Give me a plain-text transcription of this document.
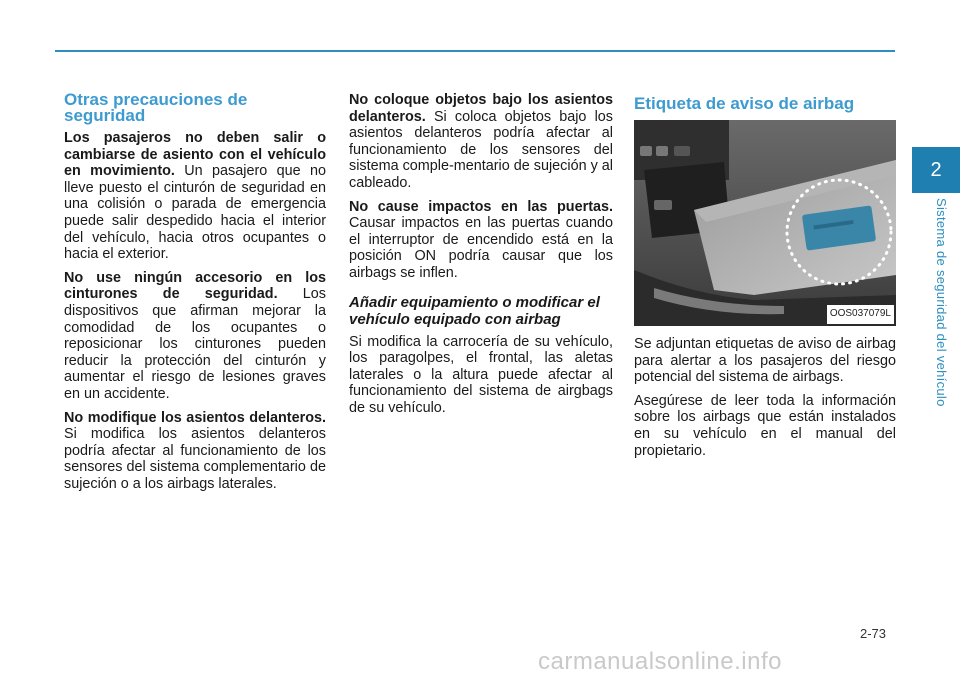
2
Sistema de seguridad del vehículo
Otras precauciones de seguridad

Los pasajeros no deben salir o cambiarse de asiento con el vehículo en movimiento. Un pasajero que no lleve puesto el cinturón de seguridad en una colisión o parada de emergencia puede salir despedido hacia el interior del vehículo, hacia otros ocupantes o hacia el exterior.

No use ningún accesorio en los cinturones de seguridad. Los dispositivos que afirman mejorar la comodidad de los ocupantes o reposicionar los cinturones pueden reducir la protección del cinturón y aumentar el riesgo de lesiones graves en un accidente.

No modifique los asientos delanteros. Si modifica los asientos delanteros podría afectar al funcionamiento de los sensores del sistema complementario de sujeción o a los airbags laterales.

No coloque objetos bajo los asientos delanteros. Si coloca objetos bajo los asientos delanteros podría afectar al funcionamiento de los sensores del sistema comple-mentario de sujeción y al cableado.

No cause impactos en las puertas. Causar impactos en las puertas cuando el interruptor de encendido está en la posición ON podría causar que los airbags se inflen.

Añadir equipamiento o modificar el vehículo equipado con airbag

Si modifica la carrocería de su vehículo, los paragolpes, el frontal, las aletas laterales o la altura puede afectar al funcionamiento del sistema de airgbags de su vehículo.

Etiqueta de aviso de airbag
OOS037079L

Se adjuntan etiquetas de aviso de airbag para alertar a los pasajeros del riesgo potencial del sistema de airbags.

Asegúrese de leer toda la información sobre los airbags que están instalados en su vehículo en el manual del propietario.

2-73
carmanualsonline.info
